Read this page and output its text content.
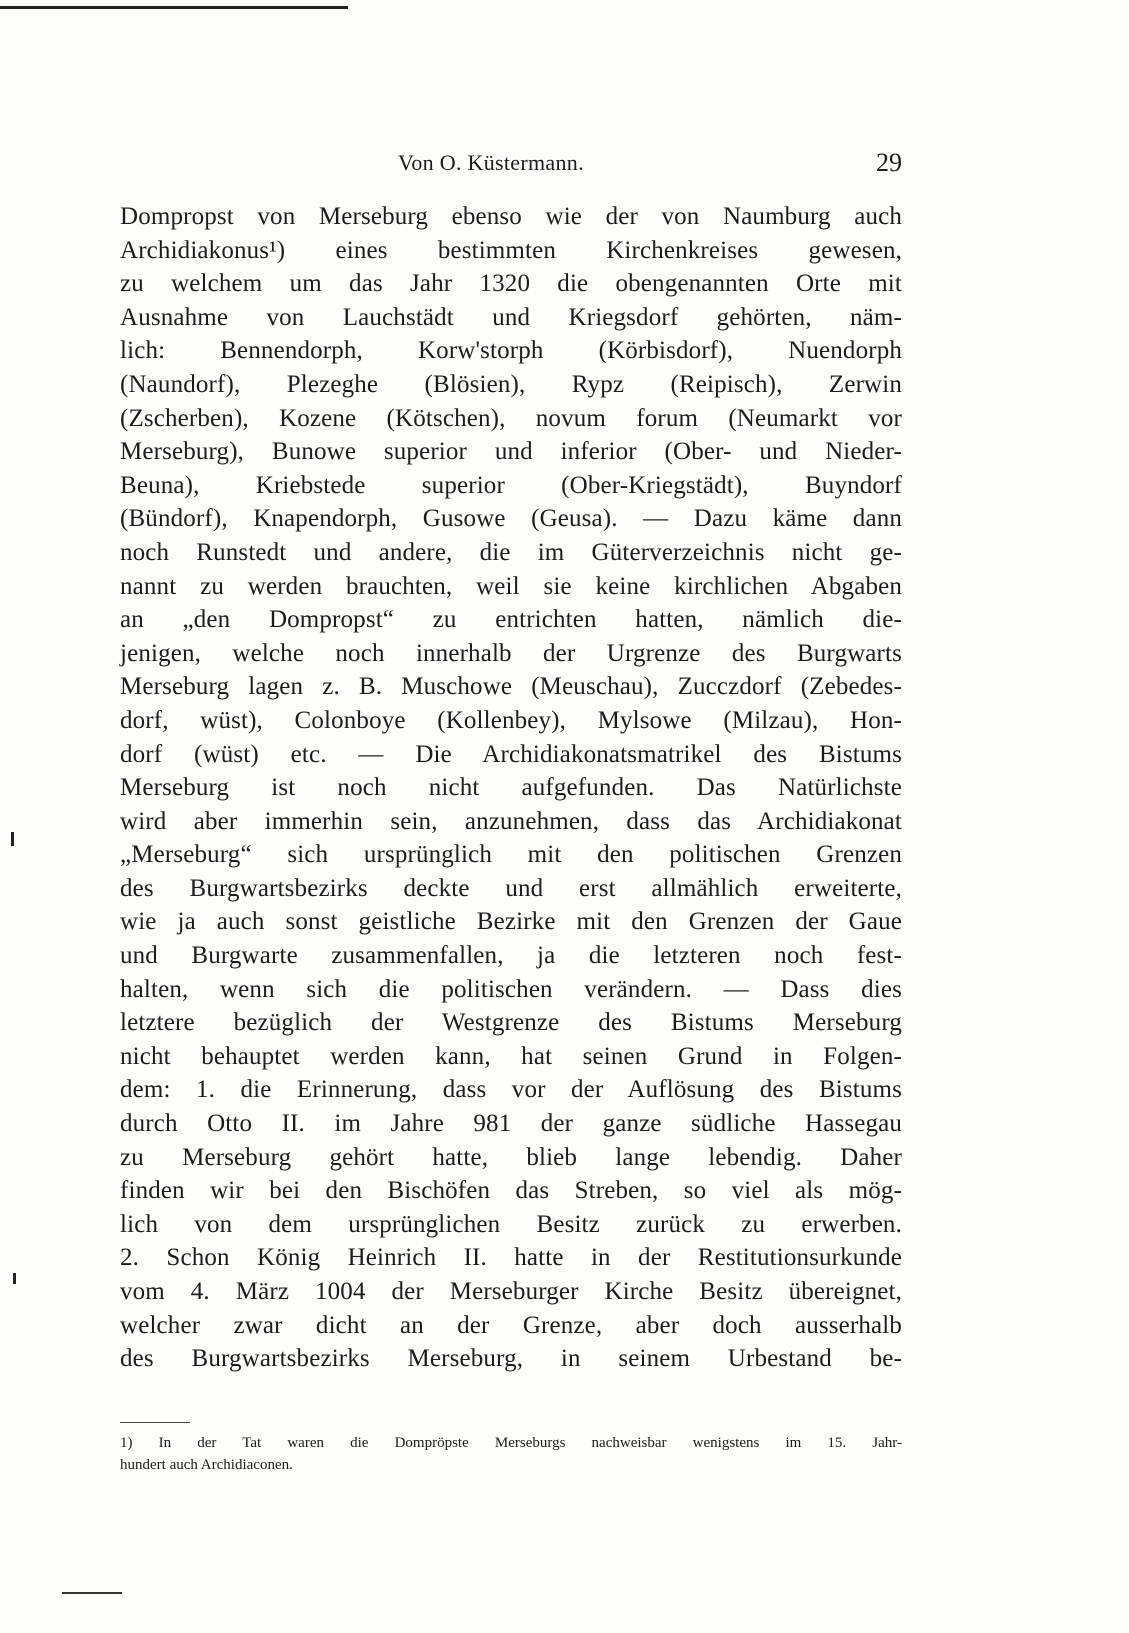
Von O. Küstermann.	29
Dompropst von Merseburg ebenso wie der von Naumburg auch
Archidiakonus¹) eines bestimmten Kirchenkreises gewesen,
zu welchem um das Jahr 1320 die obengenannten Orte mit
Ausnahme von Lauchstädt und Kriegsdorf gehörten, näm-
lich: Bennendorph, Korw'storph (Körbisdorf), Nuendorph
(Naundorf), Plezeghe (Blösien), Rypz (Reipisch), Zerwin
(Zscherben), Kozene (Kötschen), novum forum (Neumarkt vor
Merseburg), Bunowe superior und inferior (Ober- und Nieder-
Beuna), Kriebstede superior (Ober-Kriegstädt), Buyndorf
(Bündorf), Knapendorph, Gusowe (Geusa). — Dazu käme dann
noch Runstedt und andere, die im Güterverzeichnis nicht ge-
nannt zu werden brauchten, weil sie keine kirchlichen Abgaben
an „den Dompropst“ zu entrichten hatten, nämlich die-
jenigen, welche noch innerhalb der Urgrenze des Burgwarts
Merseburg lagen z. B. Muschowe (Meuschau), Zucczdorf (Zebedes-
dorf, wüst), Colonboye (Kollenbey), Mylsowe (Milzau), Hon-
dorf (wüst) etc. — Die Archidiakonatsmatrikel des Bistums
Merseburg ist noch nicht aufgefunden. Das Natürlichste
wird aber immerhin sein, anzunehmen, dass das Archidiakonat
„Merseburg“ sich ursprünglich mit den politischen Grenzen
des Burgwartsbezirks deckte und erst allmählich erweiterte,
wie ja auch sonst geistliche Bezirke mit den Grenzen der Gaue
und Burgwarte zusammenfallen, ja die letzteren noch fest-
halten, wenn sich die politischen verändern. — Dass dies
letztere bezüglich der Westgrenze des Bistums Merseburg
nicht behauptet werden kann, hat seinen Grund in Folgen-
dem: 1. die Erinnerung, dass vor der Auflösung des Bistums
durch Otto II. im Jahre 981 der ganze südliche Hassegau
zu Merseburg gehört hatte, blieb lange lebendig. Daher
finden wir bei den Bischöfen das Streben, so viel als mög-
lich von dem ursprünglichen Besitz zurück zu erwerben.
2. Schon König Heinrich II. hatte in der Restitutionsurkunde
vom 4. März 1004 der Merseburger Kirche Besitz übereignet,
welcher zwar dicht an der Grenze, aber doch ausserhalb
des Burgwartsbezirks Merseburg, in seinem Urbestand be-
1) In der Tat waren die Dompröpste Merseburgs nachweisbar wenigstens im 15. Jahr-
hundert auch Archidiaconen.
